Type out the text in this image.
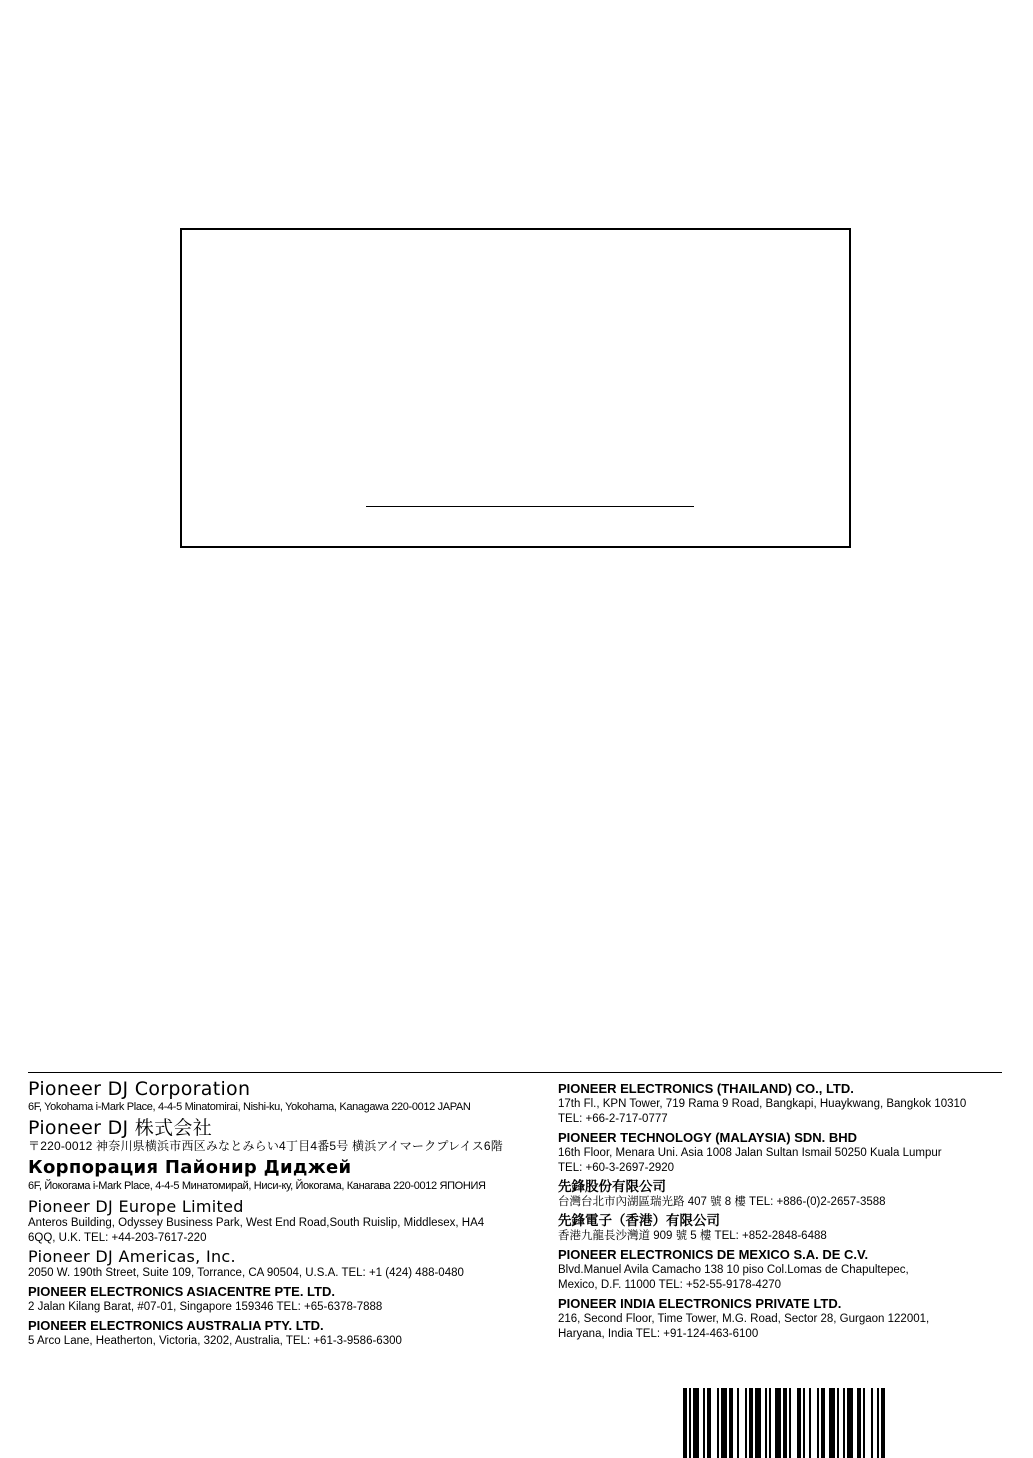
Pioneer DJ Corporation
6F, Yokohama i-Mark Place, 4-4-5 Minatomirai, Nishi-ku, Yokohama, Kanagawa 220-0012 JAPAN
Pioneer DJ 株式会社
〒220-0012 神奈川県横浜市西区みなとみらい4丁目4番5号 横浜アイマークプレイス6階
Корпорация Пайонир Диджей
6F, Йокогама i-Mark Place, 4-4-5 Минатомирай, Ниси-ку, Йокогама, Канагава 220-0012 ЯПОНИЯ
Pioneer DJ Europe Limited
Anteros Building, Odyssey Business Park, West End Road,South Ruislip, Middlesex, HA4
6QQ, U.K. TEL: +44-203-7617-220
Pioneer DJ Americas, Inc.
2050 W. 190th Street, Suite 109, Torrance, CA 90504, U.S.A. TEL: +1 (424) 488-0480
PIONEER ELECTRONICS ASIACENTRE PTE. LTD.
2 Jalan Kilang Barat, #07-01, Singapore 159346 TEL: +65-6378-7888
PIONEER ELECTRONICS AUSTRALIA PTY. LTD.
5 Arco Lane, Heatherton, Victoria, 3202, Australia, TEL: +61-3-9586-6300
PIONEER ELECTRONICS (THAILAND) CO., LTD.
17th Fl., KPN Tower, 719 Rama 9 Road, Bangkapi, Huaykwang, Bangkok 10310
TEL: +66-2-717-0777
PIONEER TECHNOLOGY (MALAYSIA) SDN. BHD
16th Floor, Menara Uni. Asia 1008 Jalan Sultan Ismail 50250 Kuala Lumpur
TEL: +60-3-2697-2920
先鋒股份有限公司
台灣台北市內湖區瑞光路 407 號 8 樓 TEL: +886-(0)2-2657-3588
先鋒電子（香港）有限公司
香港九龍長沙灣道 909 號 5 樓 TEL: +852-2848-6488
PIONEER ELECTRONICS DE MEXICO S.A. DE C.V.
Blvd.Manuel Avila Camacho 138 10 piso Col.Lomas de Chapultepec,
Mexico, D.F. 11000 TEL: +52-55-9178-4270
PIONEER INDIA ELECTRONICS PRIVATE LTD.
216, Second Floor, Time Tower, M.G. Road, Sector 28, Gurgaon 122001,
Haryana, India TEL: +91-124-463-6100
